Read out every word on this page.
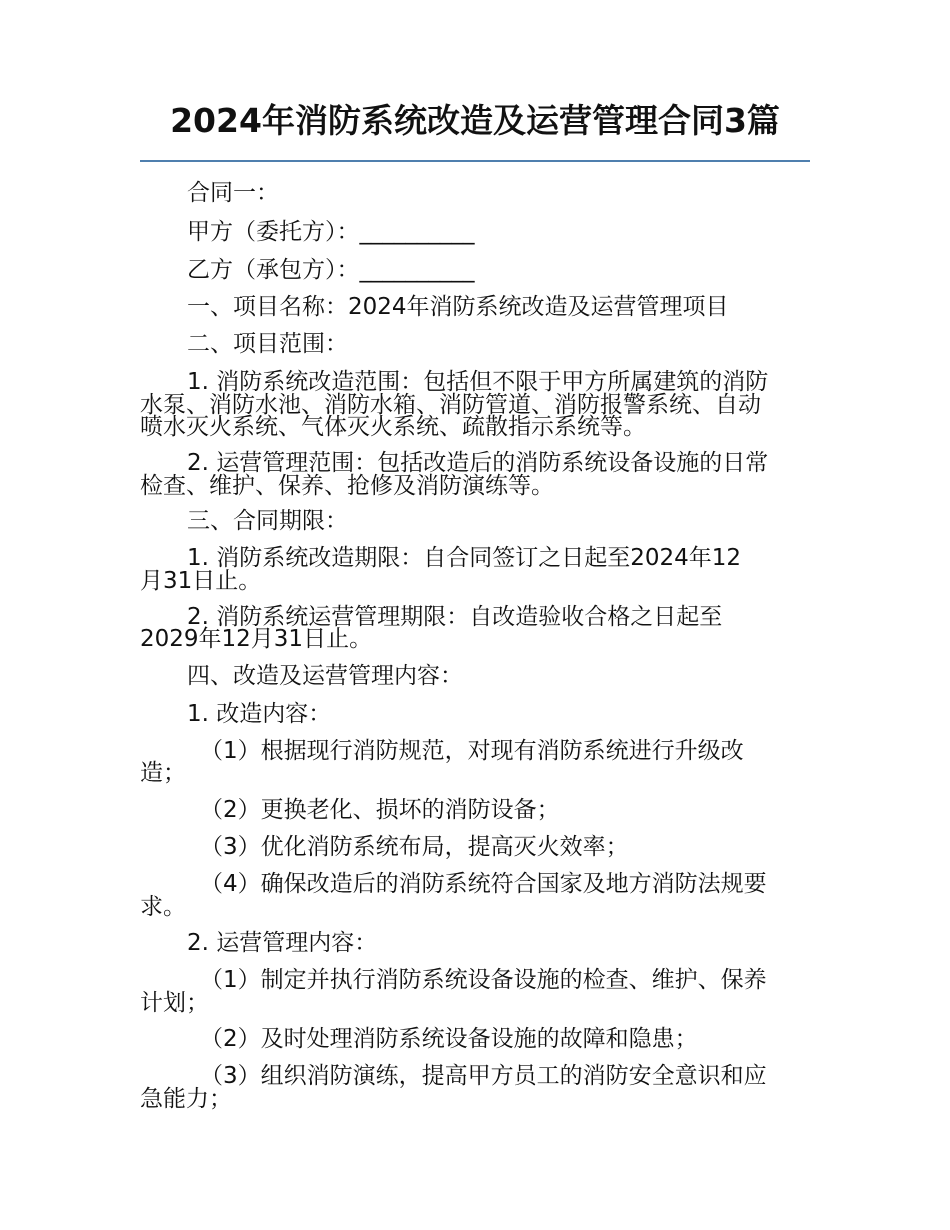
2024年消防系统改造及运营管理合同3篇
合同一：
甲方（委托方）：__________
乙方（承包方）：__________
一、项目名称：2024年消防系统改造及运营管理项目
二、项目范围：
1. 消防系统改造范围：包括但不限于甲方所属建筑的消防
水泵、消防水池、消防水箱、消防管道、消防报警系统、自动
喷水灭火系统、气体灭火系统、疏散指示系统等。
2. 运营管理范围：包括改造后的消防系统设备设施的日常
检查、维护、保养、抢修及消防演练等。
三、合同期限：
1. 消防系统改造期限：自合同签订之日起至2024年12
月31日止。
2. 消防系统运营管理期限：自改造验收合格之日起至
2029年12月31日止。
四、改造及运营管理内容：
1. 改造内容：
（1）根据现行消防规范，对现有消防系统进行升级改
造；
（2）更换老化、损坏的消防设备；
（3）优化消防系统布局，提高灭火效率；
（4）确保改造后的消防系统符合国家及地方消防法规要
求。
2. 运营管理内容：
（1）制定并执行消防系统设备设施的检查、维护、保养
计划；
（2）及时处理消防系统设备设施的故障和隐患；
（3）组织消防演练，提高甲方员工的消防安全意识和应
急能力；
